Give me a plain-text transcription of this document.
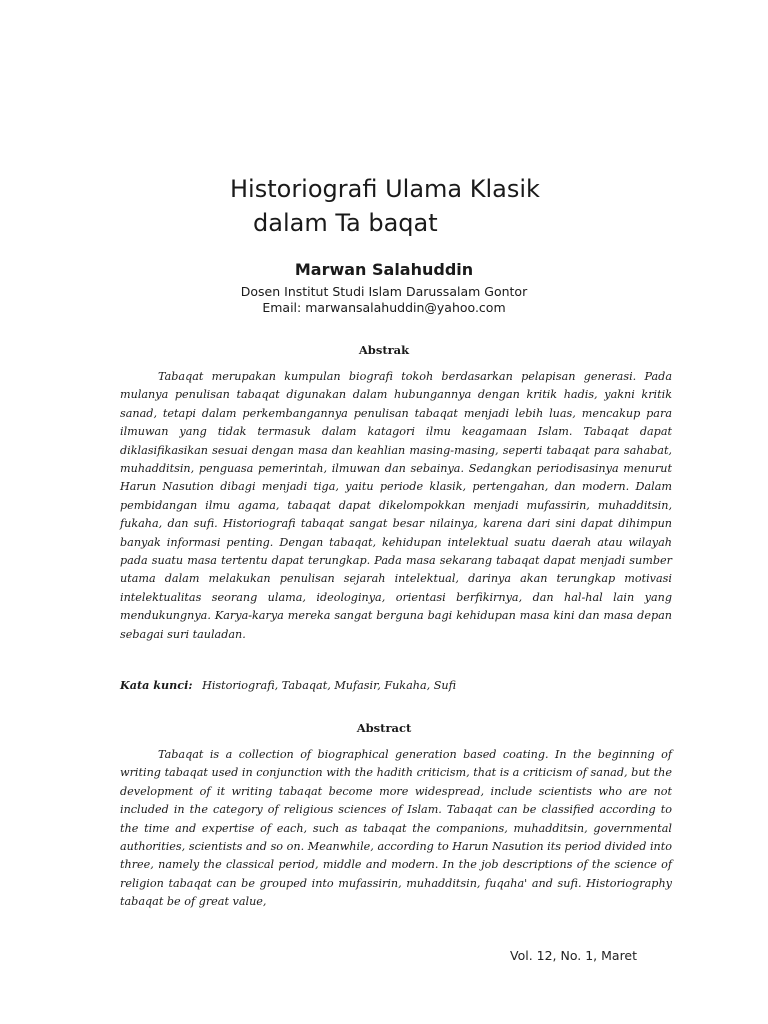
Historiografi Ulama Klasik
dalam Ta baqat
Marwan Salahuddin
Dosen Institut Studi Islam Darussalam Gontor
Email: marwansalahuddin@yahoo.com
Abstrak

Tabaqat merupakan kumpulan biografi tokoh berdasarkan pelapisan generasi. Pada mulanya penulisan tabaqat digunakan dalam hubungannya dengan kritik hadis, yakni kritik sanad, tetapi dalam perkembangannya penulisan tabaqat menjadi lebih luas, mencakup para ilmuwan yang tidak termasuk dalam katagori ilmu keagamaan Islam. Tabaqat dapat diklasifikasikan sesuai dengan masa dan keahlian masing-masing, seperti tabaqat para sahabat, muhadditsin, penguasa pemerintah, ilmuwan dan sebainya. Sedangkan periodisasinya menurut Harun Nasution dibagi menjadi tiga, yaitu periode klasik, pertengahan, dan modern. Dalam pembidangan ilmu agama, tabaqat dapat dikelompokkan menjadi mufassirin, muhadditsin, fukaha, dan sufi. Historiografi tabaqat sangat besar nilainya, karena dari sini dapat dihimpun banyak informasi penting. Dengan tabaqat, kehidupan intelektual suatu daerah atau wilayah pada suatu masa tertentu dapat terungkap. Pada masa sekarang tabaqat dapat menjadi sumber utama dalam melakukan penulisan sejarah intelektual, darinya akan terungkap motivasi intelektualitas seorang ulama, ideologinya, orientasi berfikirnya, dan hal-hal lain yang mendukungnya. Karya-karya mereka sangat berguna bagi kehidupan masa kini dan masa depan sebagai suri tauladan.

Kata kunci: Historiografi, Tabaqat, Mufasir, Fukaha, Sufi
Abstract

Tabaqat is a collection of biographical generation based coating. In the beginning of writing tabaqat used in conjunction with the hadith criticism, that is a criticism of sanad, but the development of it writing tabaqat become more widespread, include scientists who are not included in the category of religious sciences of Islam. Tabaqat can be classified according to the time and expertise of each, such as tabaqat the companions, muhadditsin, governmental authorities, scientists and so on. Meanwhile, according to Harun Nasution its period divided into three, namely the classical period, middle and modern. In the job descriptions of the science of religion tabaqat can be grouped into mufassirin, muhadditsin, fuqaha' and sufi. Historiography tabaqat be of great value,

Vol. 12, No. 1, Maret
